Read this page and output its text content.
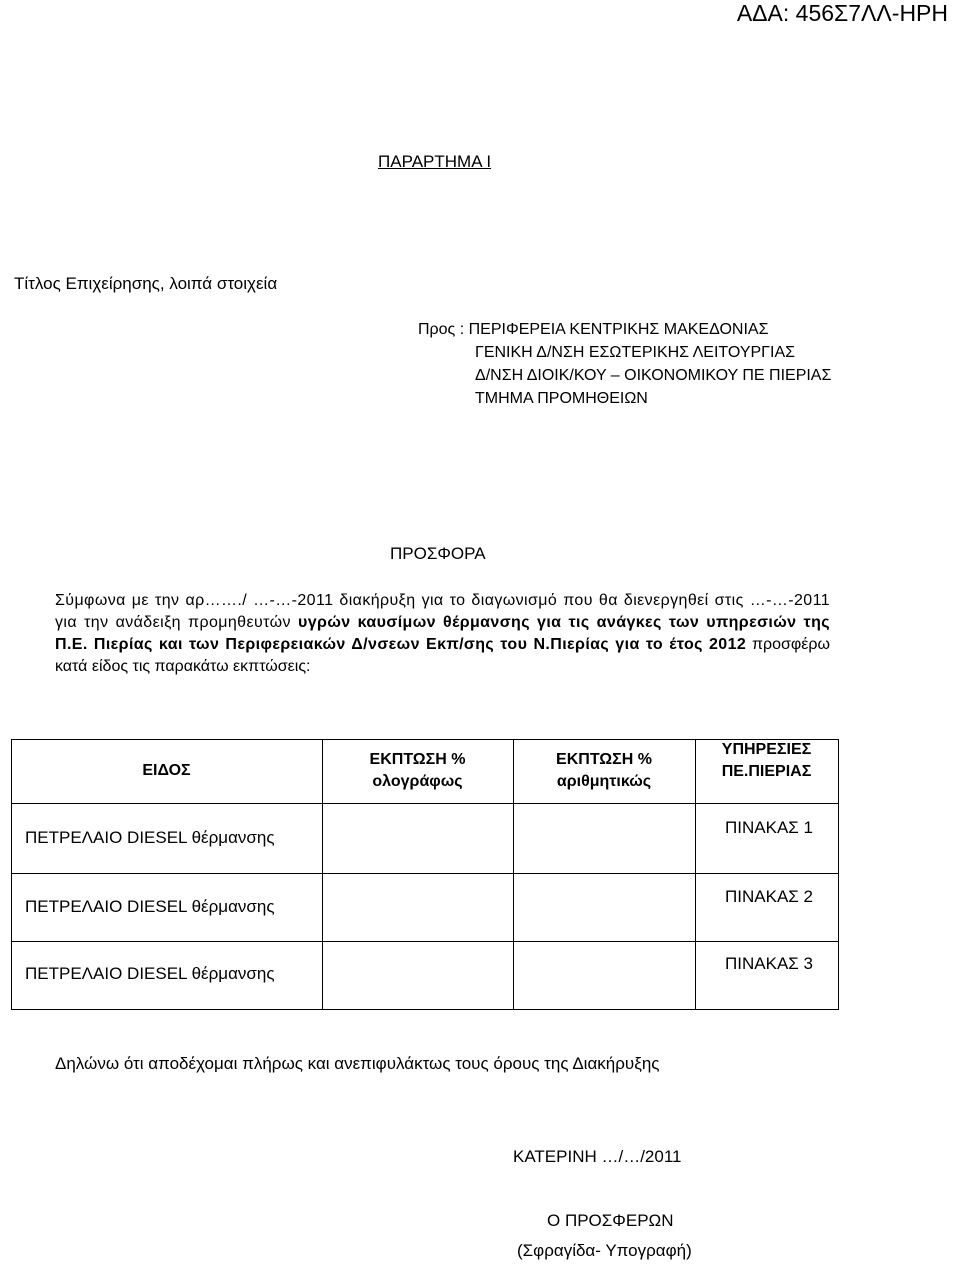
ΑΔΑ: 456Σ7ΛΛ-ΗΡΗ
ΠΑΡΑΡΤΗΜΑ Ι
Τίτλος Επιχείρησης, λοιπά στοιχεία
Προς : ΠΕΡΙΦΕΡΕΙΑ ΚΕΝΤΡΙΚΗΣ ΜΑΚΕΔΟΝΙΑΣ
ΓΕΝΙΚΗ Δ/ΝΣΗ ΕΣΩΤΕΡΙΚΗΣ ΛΕΙΤΟΥΡΓΙΑΣ
Δ/ΝΣΗ ΔΙΟΙΚ/ΚΟΥ – ΟΙΚΟΝΟΜΙΚΟΥ ΠΕ ΠΙΕΡΙΑΣ
ΤΜΗΜΑ ΠΡΟΜΗΘΕΙΩΝ
ΠΡΟΣΦΟΡΑ
Σύμφωνα με την αρ……./ …-…-2011 διακήρυξη για το διαγωνισμό που θα διενεργηθεί στις …-…-2011 για την ανάδειξη προμηθευτών υγρών καυσίμων θέρμανσης για τις ανάγκες των υπηρεσιών της Π.Ε. Πιερίας και των Περιφερειακών Δ/νσεων Εκπ/σης του Ν.Πιερίας για το έτος 2012 προσφέρω κατά είδος τις παρακάτω εκπτώσεις:
ΕΙΔΟΣ
ΕΚΠΤΩΣΗ %
ολογράφως
ΕΚΠΤΩΣΗ %
αριθμητικώς
ΥΠΗΡΕΣΙΕΣ
ΠΕ.ΠΙΕΡΙΑΣ
ΠΕΤΡΕΛΑΙΟ DIESEL θέρμανσης
ΠΙΝΑΚΑΣ 1
ΠΕΤΡΕΛΑΙΟ DIESEL θέρμανσης
ΠΙΝΑΚΑΣ 2
ΠΕΤΡΕΛΑΙΟ DIESEL θέρμανσης
ΠΙΝΑΚΑΣ 3
Δηλώνω ότι αποδέχομαι πλήρως και ανεπιφυλάκτως τους όρους της Διακήρυξης
ΚΑΤΕΡΙΝΗ …/…/2011
Ο ΠΡΟΣΦΕΡΩΝ
(Σφραγίδα- Υπογραφή)
